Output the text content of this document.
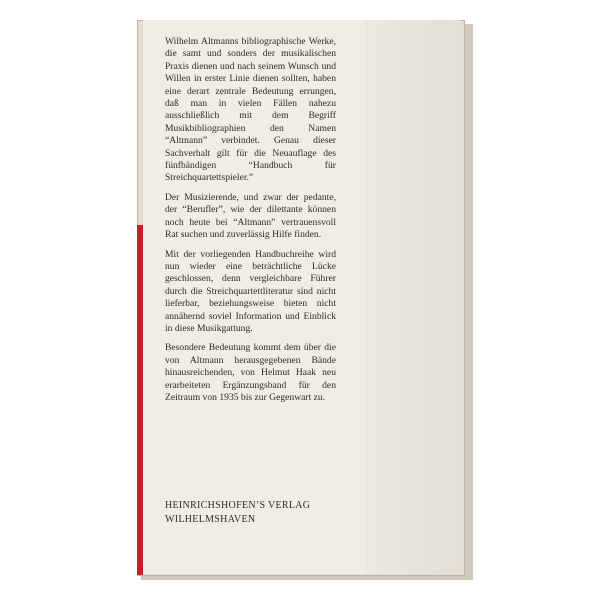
Wilhelm Altmanns bibliographische Werke, die samt und sonders der musikalischen Praxis dienen und nach seinem Wunsch und Willen in erster Linie dienen sollten, haben eine derart zentrale Bedeutung errungen, daß man in vielen Fällen nahezu ausschließlich mit dem Begriff Musikbibliographien den Namen “Altmann” verbindet. Genau dieser Sachverhalt gilt für die Neuauflage des fünfbändigen “Handbuch für Streichquartettspieler.”

Der Musizierende, und zwar der pedante, der “Berufler”, wie der dilettante können noch heute bei “Altmann” vertrauensvoll Rat suchen und zuverlässig Hilfe finden.

Mit der vorliegenden Handbuchreihe wird nun wieder eine beträchtliche Lücke geschlossen, denn vergleichbare Führer durch die Streichquartettliteratur sind nicht lieferbar, beziehungsweise bieten nicht annähernd soviel Information und Einblick in diese Musikgattung.

Besondere Bedeutung kommt dem über die von Altmann herausgegebenen Bände hinausreichenden, von Helmut Haak neu erarbeiteten Ergänzungsband für den Zeitraum von 1935 bis zur Gegenwart zu.

HEINRICHSHOFEN’S VERLAG
WILHELMSHAVEN
